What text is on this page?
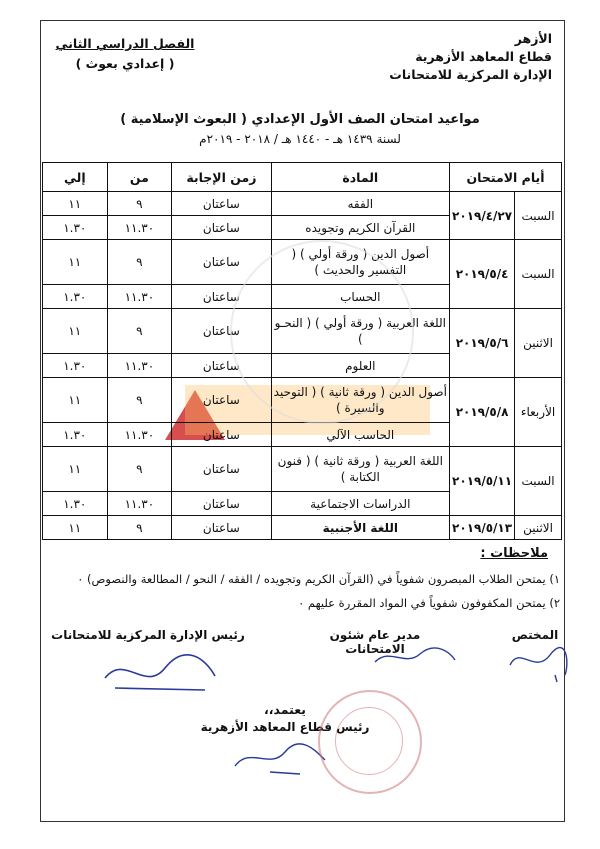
الأزهر
قطاع المعاهد الأزهرية
الإدارة المركزية للامتحانات
الفصل الدراسي الثاني
( إعدادي بعوث )
مواعيد امتحان الصف الأول الإعدادي ( البعوث الإسلامية )
لسنة ١٤٣٩ هـ - ١٤٤٠ هـ / ٢٠١٨ - ٢٠١٩م
أيام الامتحان		المادة	زمن الإجابة	من	إلي
السبت	٢٠١٩/٤/٢٧	الفقه	ساعتان	٩	١١
		القرآن الكريم وتجويده	ساعتان	١١.٣٠	١.٣٠
السبت	٢٠١٩/٥/٤	أصول الدين ( ورقة أولي ) ( التفسير والحديث )	ساعتان	٩	١١
		الحساب	ساعتان	١١.٣٠	١.٣٠
الاثنين	٢٠١٩/٥/٦	اللغة العربية ( ورقة أولي ) ( النحـو )	ساعتان	٩	١١
		العلوم	ساعتان	١١.٣٠	١.٣٠
الأربعاء	٢٠١٩/٥/٨	أصول الدين ( ورقة ثانية ) ( التوحيد والسيرة )	ساعتان	٩	١١
		الحاسب الآلي	ساعتان	١١.٣٠	١.٣٠
السبت	٢٠١٩/٥/١١	اللغة العربية ( ورقة ثانية ) ( فنون الكتابة )	ساعتان	٩	١١
		الدراسات الاجتماعية	ساعتان	١١.٣٠	١.٣٠
الاثنين	٢٠١٩/٥/١٣	اللغة الأجنبية	ساعتان	٩	١١
ملاحظات :
١) يمتحن الطلاب المبصرون شفوياً في (القرآن الكريم وتجويده / الفقه / النحو / المطالعة والنصوص) ٠
٢) يمتحن المكفوفون شفوياً في المواد المقررة عليهم ٠
رئيس الإدارة المركزية للامتحانات	مدير عام شئون الامتحانات
المختص
يعتمد،،
رئيس قطاع المعاهد الأزهرية
